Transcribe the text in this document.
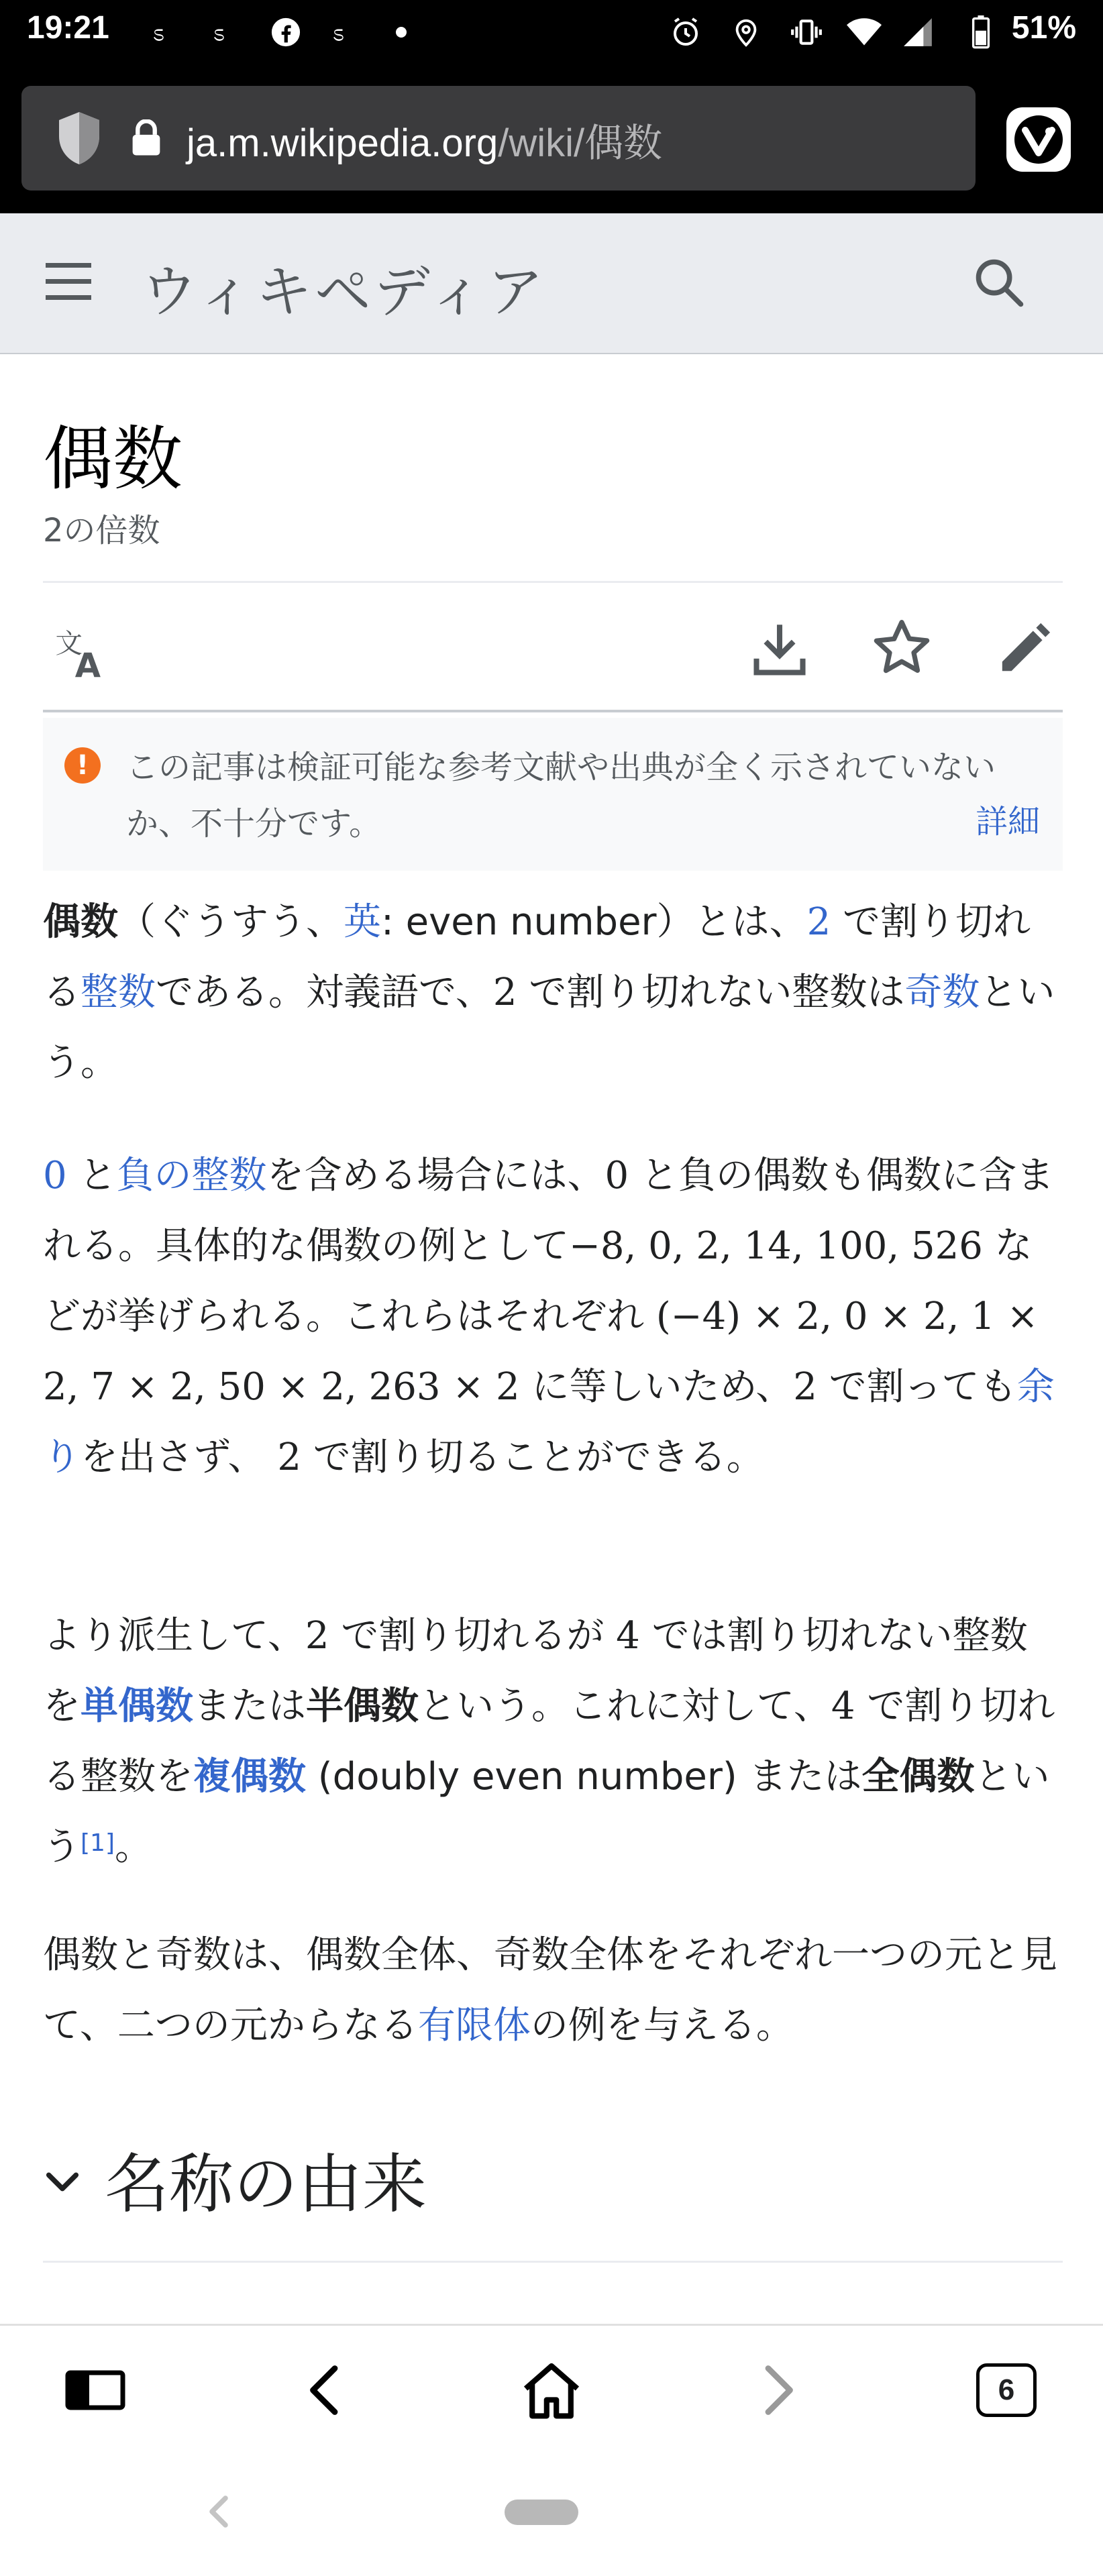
19:21	ಽ	ಽ	ಽ	51%
ja.m.wikipedia.org/wiki/偶数
ウィキペディア
偶数
2の倍数
文
A
!	この記事は検証可能な参考文献や出典が全く示されていないか、不十分です。	詳細
偶数（ぐうすう、英: even number）とは、2 で割り切れる整数である。対義語で、2 で割り切れない整数は奇数という。
0 と負の整数を含める場合には、0 と負の偶数も偶数に含まれる。具体的な偶数の例として−8, 0, 2, 14, 100, 526 などが挙げられる。これらはそれぞれ (−4) × 2, 0 × 2, 1 × 2, 7 × 2, 50 × 2, 263 × 2 に等しいため、2 で割っても余りを出さず、 2 で割り切ることができる。
より派生して、2 で割り切れるが 4 では割り切れない整数を単偶数または半偶数という。これに対して、4 で割り切れる整数を複偶数 (doubly even number) または全偶数という[1]。
偶数と奇数は、偶数全体、奇数全体をそれぞれ一つの元と見て、二つの元からなる有限体の例を与える。
名称の由来
6
